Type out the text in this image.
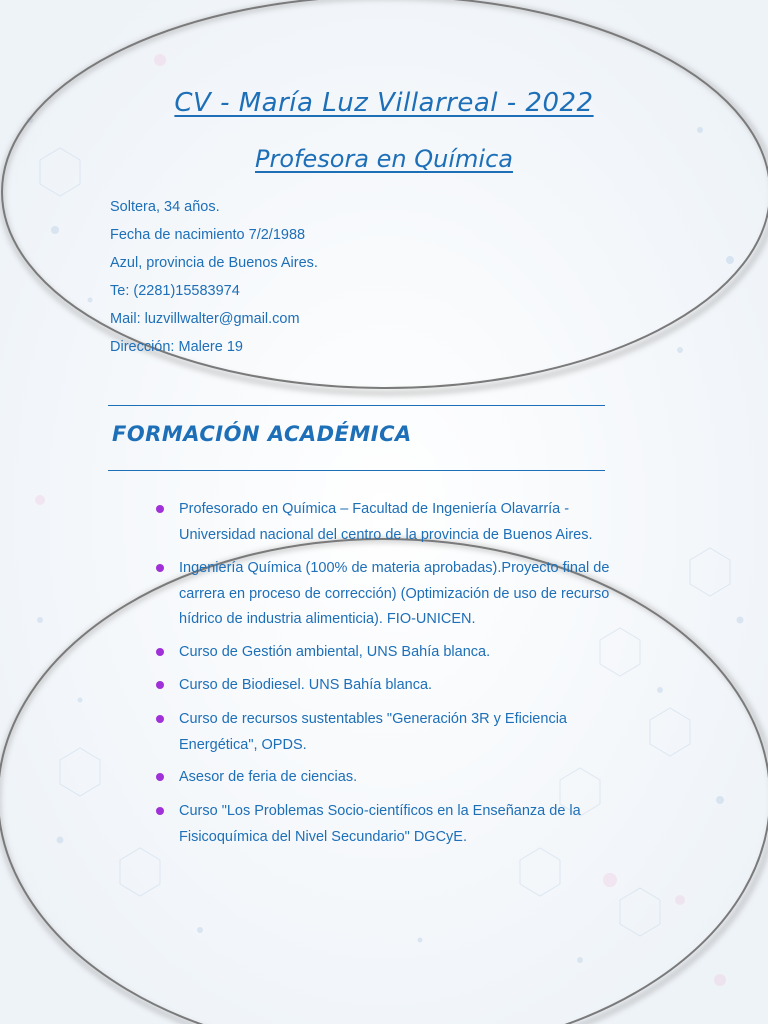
CV - María Luz Villarreal - 2022
Profesora en Química
Soltera, 34 años.
Fecha de nacimiento 7/2/1988
Azul, provincia de Buenos Aires.
Te: (2281)15583974
Mail: luzvillwalter@gmail.com
Dirección: Malere 19
FORMACIÓN ACADÉMICA
Profesorado en Química – Facultad de Ingeniería Olavarría - Universidad nacional del centro de la provincia de Buenos Aires.
Ingeniería Química (100% de materia aprobadas).Proyecto final de carrera en proceso de corrección) (Optimización de uso de recurso hídrico de industria alimenticia). FIO-UNICEN.
Curso de Gestión ambiental, UNS Bahía blanca.
Curso de Biodiesel. UNS Bahía blanca.
Curso de recursos sustentables "Generación 3R y Eficiencia Energética", OPDS.
Asesor de feria de ciencias.
Curso "Los Problemas Socio-científicos en la Enseñanza de la Fisicoquímica del Nivel Secundario" DGCyE.
